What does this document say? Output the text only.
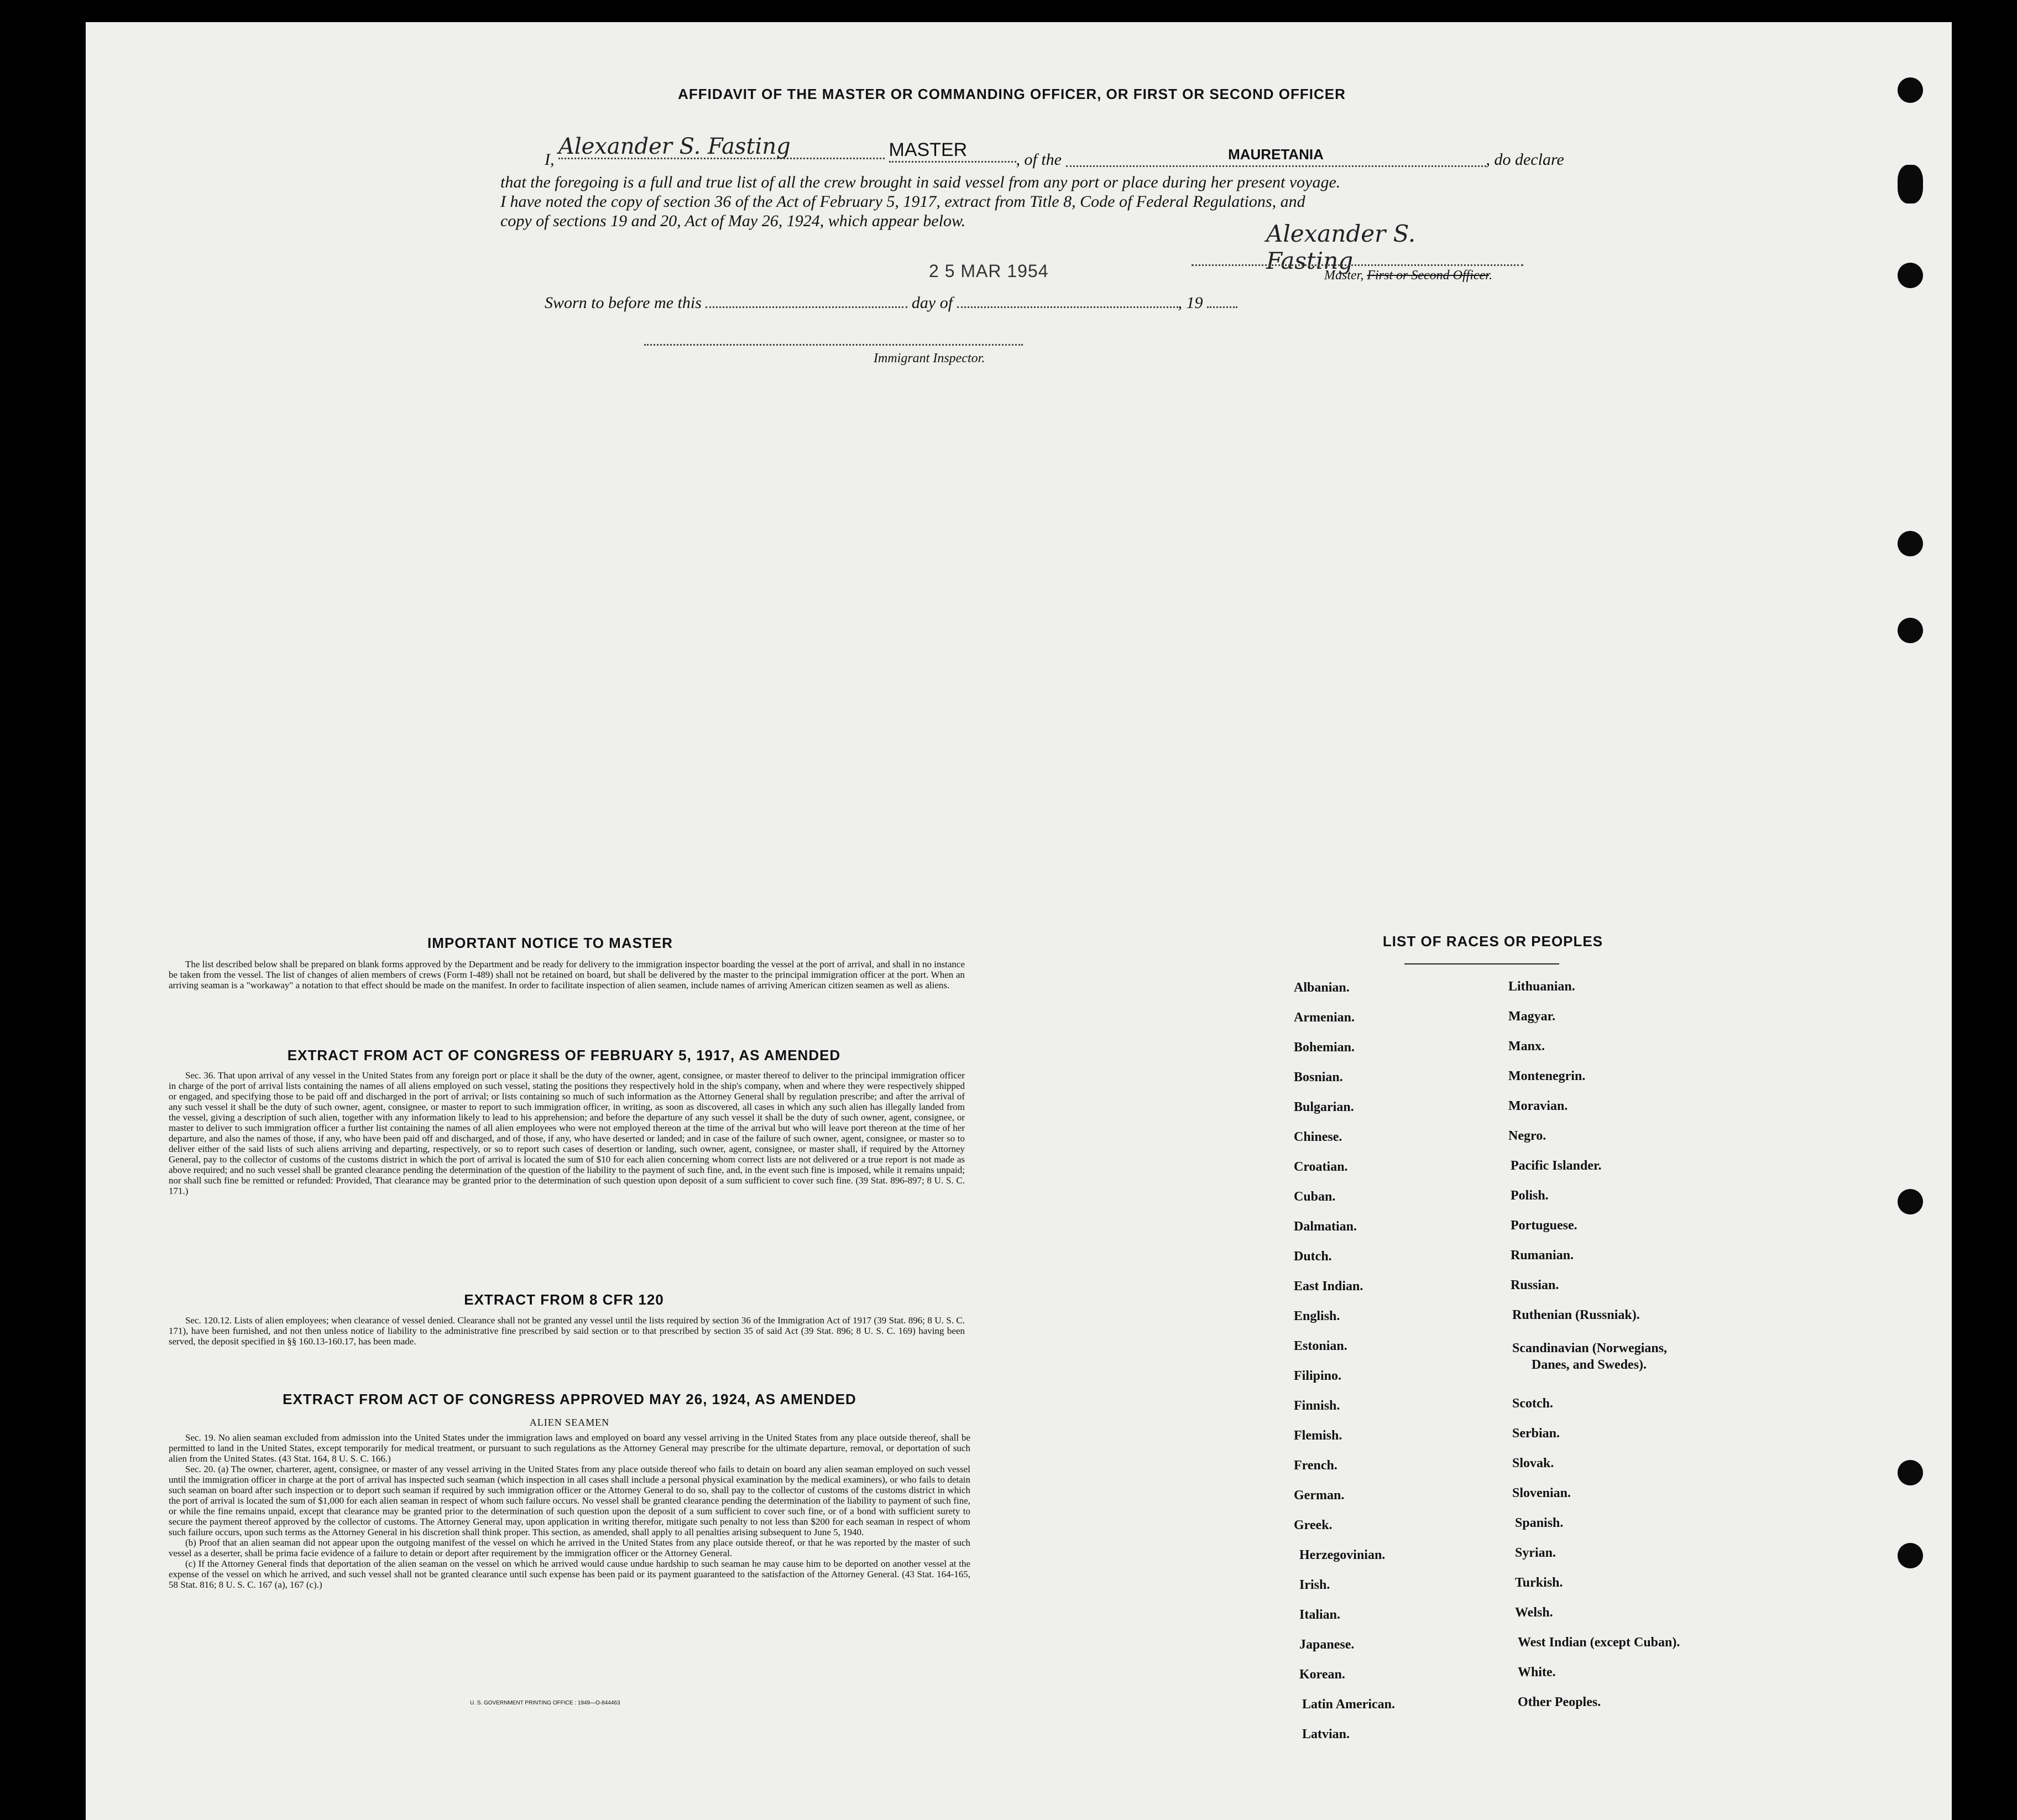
AFFIDAVIT OF THE MASTER OR COMMANDING OFFICER, OR FIRST OR SECOND OFFICER
I, Alexander S. Fasting	MASTER	, of the	MAURETANIA	, do declare
that the foregoing is a full and true list of all the crew brought in said vessel from any port or place during her present voyage.
I have noted the copy of section 36 of the Act of February 5, 1917, extract from Title 8, Code of Federal Regulations, and
copy of sections 19 and 20, Act of May 26, 1924, which appear below.	Alexander S. Fasting
Master, First or Second Officer.
2 5 MAR 1954
Sworn to before me this	day of	, 19
Immigrant Inspector.
IMPORTANT NOTICE TO MASTER
The list described below shall be prepared on blank forms approved by the Department and be ready for delivery to the immigration inspector boarding the vessel at the port of arrival, and shall in no instance be taken from the vessel. The list of changes of alien members of crews (Form I-489) shall not be retained on board, but shall be delivered by the master to the principal immigration officer at the port. When an arriving seaman is a "workaway" a notation to that effect should be made on the manifest. In order to facilitate inspection of alien seamen, include names of arriving American citizen seamen as well as aliens.
EXTRACT FROM ACT OF CONGRESS OF FEBRUARY 5, 1917, AS AMENDED
Sec. 36. That upon arrival of any vessel in the United States from any foreign port or place it shall be the duty of the owner, agent, consignee, or master thereof to deliver to the principal immigration officer in charge of the port of arrival lists containing the names of all aliens employed on such vessel, stating the positions they respectively hold in the ship's company, when and where they were respectively shipped or engaged, and specifying those to be paid off and discharged in the port of arrival; or lists containing so much of such information as the Attorney General shall by regulation prescribe; and after the arrival of any such vessel it shall be the duty of such owner, agent, consignee, or master to report to such immigration officer, in writing, as soon as discovered, all cases in which any such alien has illegally landed from the vessel, giving a description of such alien, together with any information likely to lead to his apprehension; and before the departure of any such vessel it shall be the duty of such owner, agent, consignee, or master to deliver to such immigration officer a further list containing the names of all alien employees who were not employed thereon at the time of the arrival but who will leave port thereon at the time of her departure, and also the names of those, if any, who have been paid off and discharged, and of those, if any, who have deserted or landed; and in case of the failure of such owner, agent, consignee, or master so to deliver either of the said lists of such aliens arriving and departing, respectively, or so to report such cases of desertion or landing, such owner, agent, consignee, or master shall, if required by the Attorney General, pay to the collector of customs of the customs district in which the port of arrival is located the sum of $10 for each alien concerning whom correct lists are not delivered or a true report is not made as above required; and no such vessel shall be granted clearance pending the determination of the question of the liability to the payment of such fine, and, in the event such fine is imposed, while it remains unpaid; nor shall such fine be remitted or refunded: Provided, That clearance may be granted prior to the determination of such question upon deposit of a sum sufficient to cover such fine. (39 Stat. 896-897; 8 U. S. C. 171.)
EXTRACT FROM 8 CFR 120
Sec. 120.12. Lists of alien employees; when clearance of vessel denied. Clearance shall not be granted any vessel until the lists required by section 36 of the Immigration Act of 1917 (39 Stat. 896; 8 U. S. C. 171), have been furnished, and not then unless notice of liability to the administrative fine prescribed by said section or to that prescribed by section 35 of said Act (39 Stat. 896; 8 U. S. C. 169) having been served, the deposit specified in §§ 160.13-160.17, has been made.
EXTRACT FROM ACT OF CONGRESS APPROVED MAY 26, 1924, AS AMENDED
ALIEN SEAMEN
Sec. 19. No alien seaman excluded from admission into the United States under the immigration laws and employed on board any vessel arriving in the United States from any place outside thereof, shall be permitted to land in the United States, except temporarily for medical treatment, or pursuant to such regulations as the Attorney General may prescribe for the ultimate departure, removal, or deportation of such alien from the United States. (43 Stat. 164, 8 U. S. C. 166.)
Sec. 20. (a) The owner, charterer, agent, consignee, or master of any vessel arriving in the United States from any place outside thereof who fails to detain on board any alien seaman employed on such vessel until the immigration officer in charge at the port of arrival has inspected such seaman (which inspection in all cases shall include a personal physical examination by the medical examiners), or who fails to detain such seaman on board after such inspection or to deport such seaman if required by such immigration officer or the Attorney General to do so, shall pay to the collector of customs of the customs district in which the port of arrival is located the sum of $1,000 for each alien seaman in respect of whom such failure occurs. No vessel shall be granted clearance pending the determination of the liability to payment of such fine, or while the fine remains unpaid, except that clearance may be granted prior to the determination of such question upon the deposit of a sum sufficient to cover such fine, or of a bond with sufficient surety to secure the payment thereof approved by the collector of customs. The Attorney General may, upon application in writing therefor, mitigate such penalty to not less than $200 for each seaman in respect of whom such failure occurs, upon such terms as the Attorney General in his discretion shall think proper. This section, as amended, shall apply to all penalties arising subsequent to June 5, 1940.
(b) Proof that an alien seaman did not appear upon the outgoing manifest of the vessel on which he arrived in the United States from any place outside thereof, or that he was reported by the master of such vessel as a deserter, shall be prima facie evidence of a failure to detain or deport after requirement by the immigration officer or the Attorney General.
(c) If the Attorney General finds that deportation of the alien seaman on the vessel on which he arrived would cause undue hardship to such seaman he may cause him to be deported on another vessel at the expense of the vessel on which he arrived, and such vessel shall not be granted clearance until such expense has been paid or its payment guaranteed to the satisfaction of the Attorney General. (43 Stat. 164-165, 58 Stat. 816; 8 U. S. C. 167 (a), 167 (c).)
U. S. GOVERNMENT PRINTING OFFICE : 1949—O-844463
LIST OF RACES OR PEOPLES
Albanian.
Armenian.
Bohemian.
Bosnian.
Bulgarian.
Chinese.
Croatian.
Cuban.
Dalmatian.
Dutch.
East Indian.
English.
Estonian.
Filipino.
Finnish.
Flemish.
French.
German.
Greek.
Herzegovinian.
Irish.
Italian.
Japanese.
Korean.
Latin American.
Latvian.
Lithuanian.
Magyar.
Manx.
Montenegrin.
Moravian.
Negro.
Pacific Islander.
Polish.
Portuguese.
Rumanian.
Russian.
Ruthenian (Russniak).
Scandinavian (Norwegians,
Danes, and Swedes).
Scotch.
Serbian.
Slovak.
Slovenian.
Spanish.
Syrian.
Turkish.
Welsh.
West Indian (except Cuban).
White.
Other Peoples.
